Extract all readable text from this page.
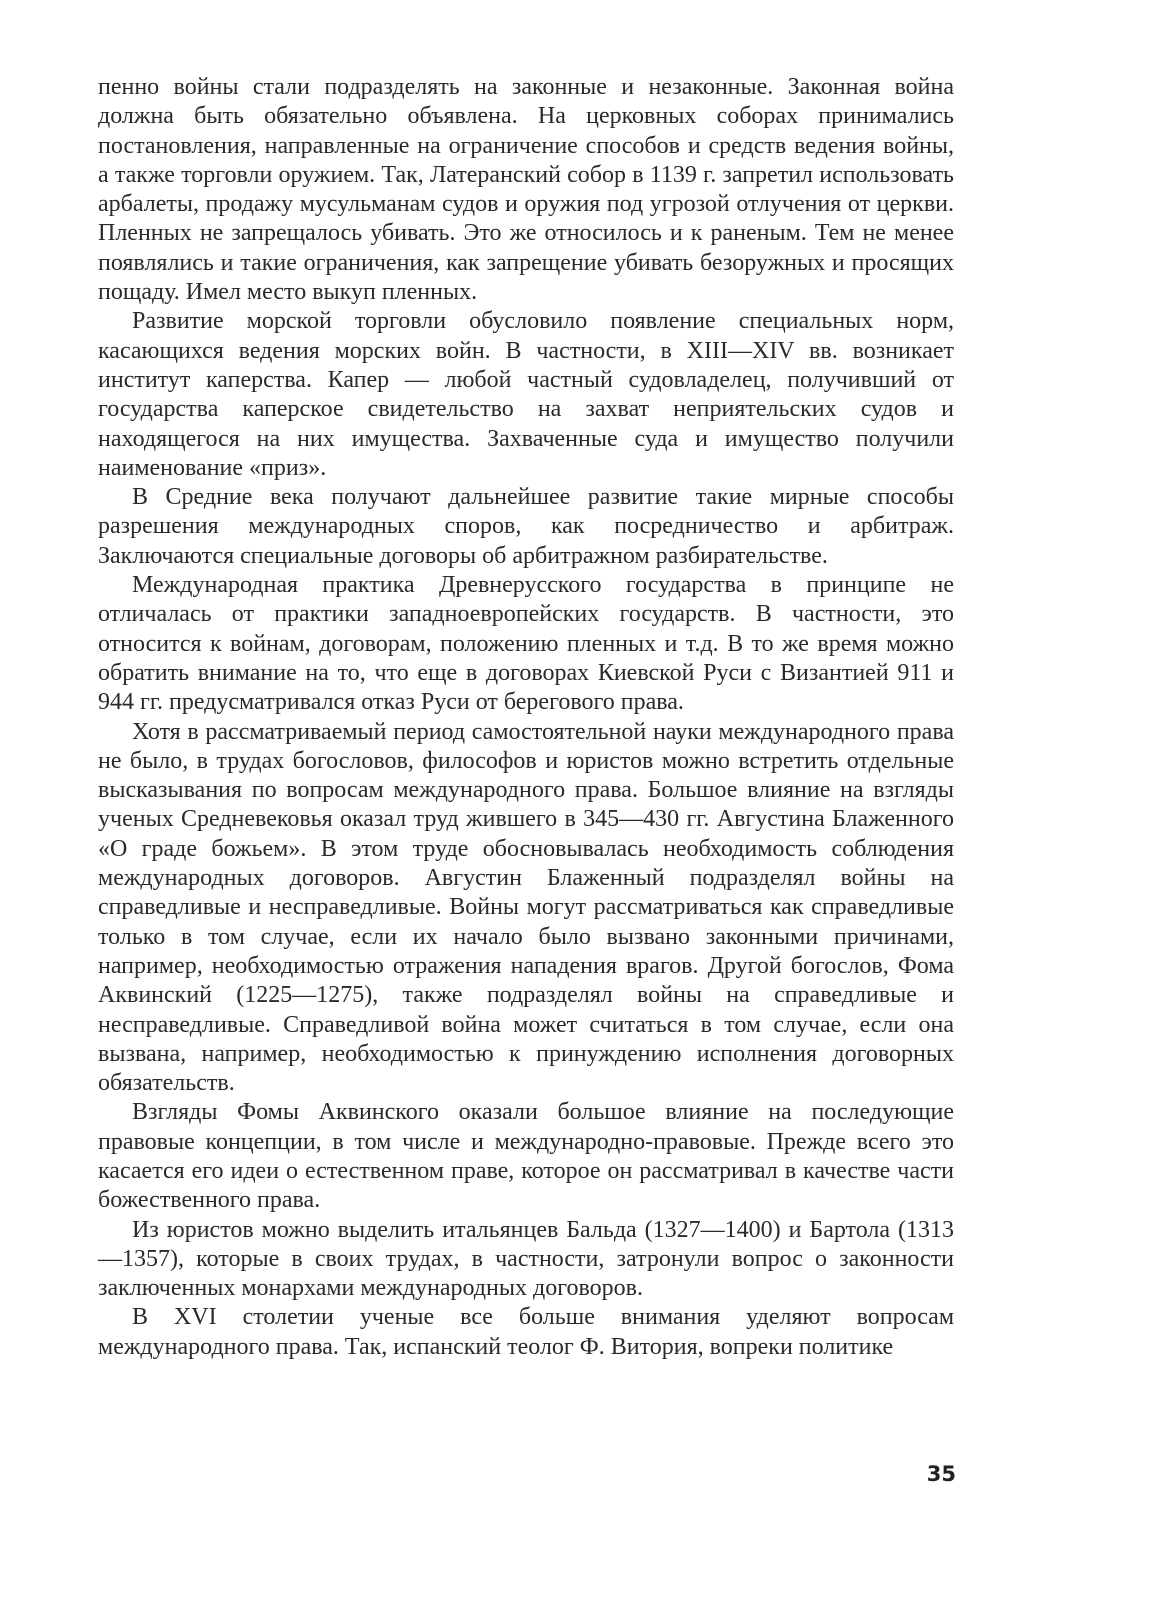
пенно войны стали подразделять на законные и незаконные. Законная война должна быть обязательно объявлена. На церковных соборах принимались постановления, направленные на ограничение способов и средств ведения войны, а также торговли оружием. Так, Латеранский собор в 1139 г. запретил использовать арбалеты, продажу мусульманам судов и оружия под угрозой отлучения от церкви. Пленных не запрещалось убивать. Это же относилось и к раненым. Тем не менее появлялись и такие ограничения, как запрещение убивать безоружных и просящих пощаду. Имел место выкуп пленных.

Развитие морской торговли обусловило появление специальных норм, касающихся ведения морских войн. В частности, в XIII—XIV вв. возникает институт каперства. Капер — любой частный судовладелец, получивший от государства каперское свидетельство на захват неприятельских судов и находящегося на них имущества. Захваченные суда и имущество получили наименование «приз».

В Средние века получают дальнейшее развитие такие мирные способы разрешения международных споров, как посредничество и арбитраж. Заключаются специальные договоры об арбитражном разбирательстве.

Международная практика Древнерусского государства в принципе не отличалась от практики западноевропейских государств. В частности, это относится к войнам, договорам, положению пленных и т.д. В то же время можно обратить внимание на то, что еще в договорах Киевской Руси с Византией 911 и 944 гг. предусматривался отказ Руси от берегового права.

Хотя в рассматриваемый период самостоятельной науки международного права не было, в трудах богословов, философов и юристов можно встретить отдельные высказывания по вопросам международного права. Большое влияние на взгляды ученых Средневековья оказал труд жившего в 345—430 гг. Августина Блаженного «О граде божьем». В этом труде обосновывалась необходимость соблюдения международных договоров. Августин Блаженный подразделял войны на справедливые и несправедливые. Войны могут рассматриваться как справедливые только в том случае, если их начало было вызвано законными причинами, например, необходимостью отражения нападения врагов. Другой богослов, Фома Аквинский (1225—1275), также подразделял войны на справедливые и несправедливые. Справедливой война может считаться в том случае, если она вызвана, например, необходимостью к принуждению исполнения договорных обязательств.

Взгляды Фомы Аквинского оказали большое влияние на последующие правовые концепции, в том числе и международно-правовые. Прежде всего это касается его идеи о естественном праве, которое он рассматривал в качестве части божественного права.

Из юристов можно выделить итальянцев Бальда (1327—1400) и Бартола (1313—1357), которые в своих трудах, в частности, затронули вопрос о законности заключенных монархами международных договоров.

В XVI столетии ученые все больше внимания уделяют вопросам международного права. Так, испанский теолог Ф. Витория, вопреки политике

35
